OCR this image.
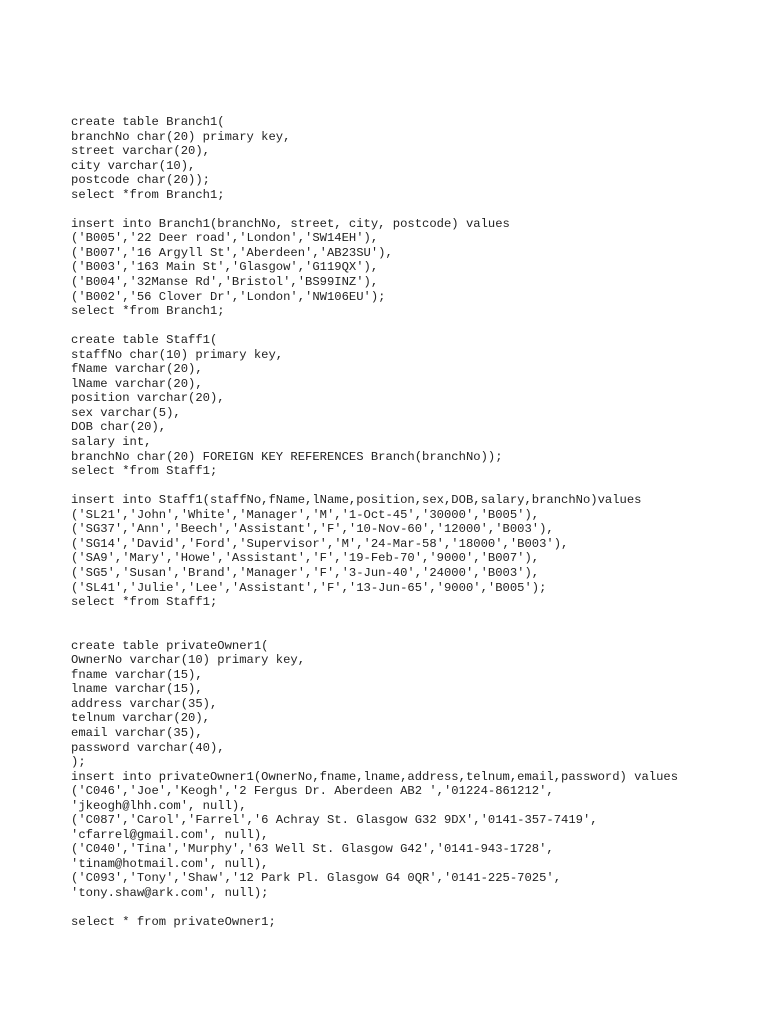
create table Branch1(
branchNo char(20) primary key,
street varchar(20),
city varchar(10),
postcode char(20));
select *from Branch1;
insert into Branch1(branchNo, street, city, postcode) values
('B005','22 Deer road','London','SW14EH'),
('B007','16 Argyll St','Aberdeen','AB23SU'),
('B003','163 Main St','Glasgow','G119QX'),
('B004','32Manse Rd','Bristol','BS99INZ'),
('B002','56 Clover Dr','London','NW106EU');
select *from Branch1;
create table Staff1(
staffNo char(10) primary key,
fName varchar(20),
lName varchar(20),
position varchar(20),
sex varchar(5),
DOB char(20),
salary int,
branchNo char(20) FOREIGN KEY REFERENCES Branch(branchNo));
select *from Staff1;
insert into Staff1(staffNo,fName,lName,position,sex,DOB,salary,branchNo)values
('SL21','John','White','Manager','M','1-Oct-45','30000','B005'),
('SG37','Ann','Beech','Assistant','F','10-Nov-60','12000','B003'),
('SG14','David','Ford','Supervisor','M','24-Mar-58','18000','B003'),
('SA9','Mary','Howe','Assistant','F','19-Feb-70','9000','B007'),
('SG5','Susan','Brand','Manager','F','3-Jun-40','24000','B003'),
('SL41','Julie','Lee','Assistant','F','13-Jun-65','9000','B005');
select *from Staff1;
create table privateOwner1(
OwnerNo varchar(10) primary key,
fname varchar(15),
lname varchar(15),
address varchar(35),
telnum varchar(20),
email varchar(35),
password varchar(40),
);
insert into privateOwner1(OwnerNo,fname,lname,address,telnum,email,password) values
('C046','Joe','Keogh','2 Fergus Dr. Aberdeen AB2 ','01224-861212',
'jkeogh@lhh.com', null),
('C087','Carol','Farrel','6 Achray St. Glasgow G32 9DX','0141-357-7419',
'cfarrel@gmail.com', null),
('C040','Tina','Murphy','63 Well St. Glasgow G42','0141-943-1728',
'tinam@hotmail.com', null),
('C093','Tony','Shaw','12 Park Pl. Glasgow G4 0QR','0141-225-7025',
'tony.shaw@ark.com', null);
select * from privateOwner1;
